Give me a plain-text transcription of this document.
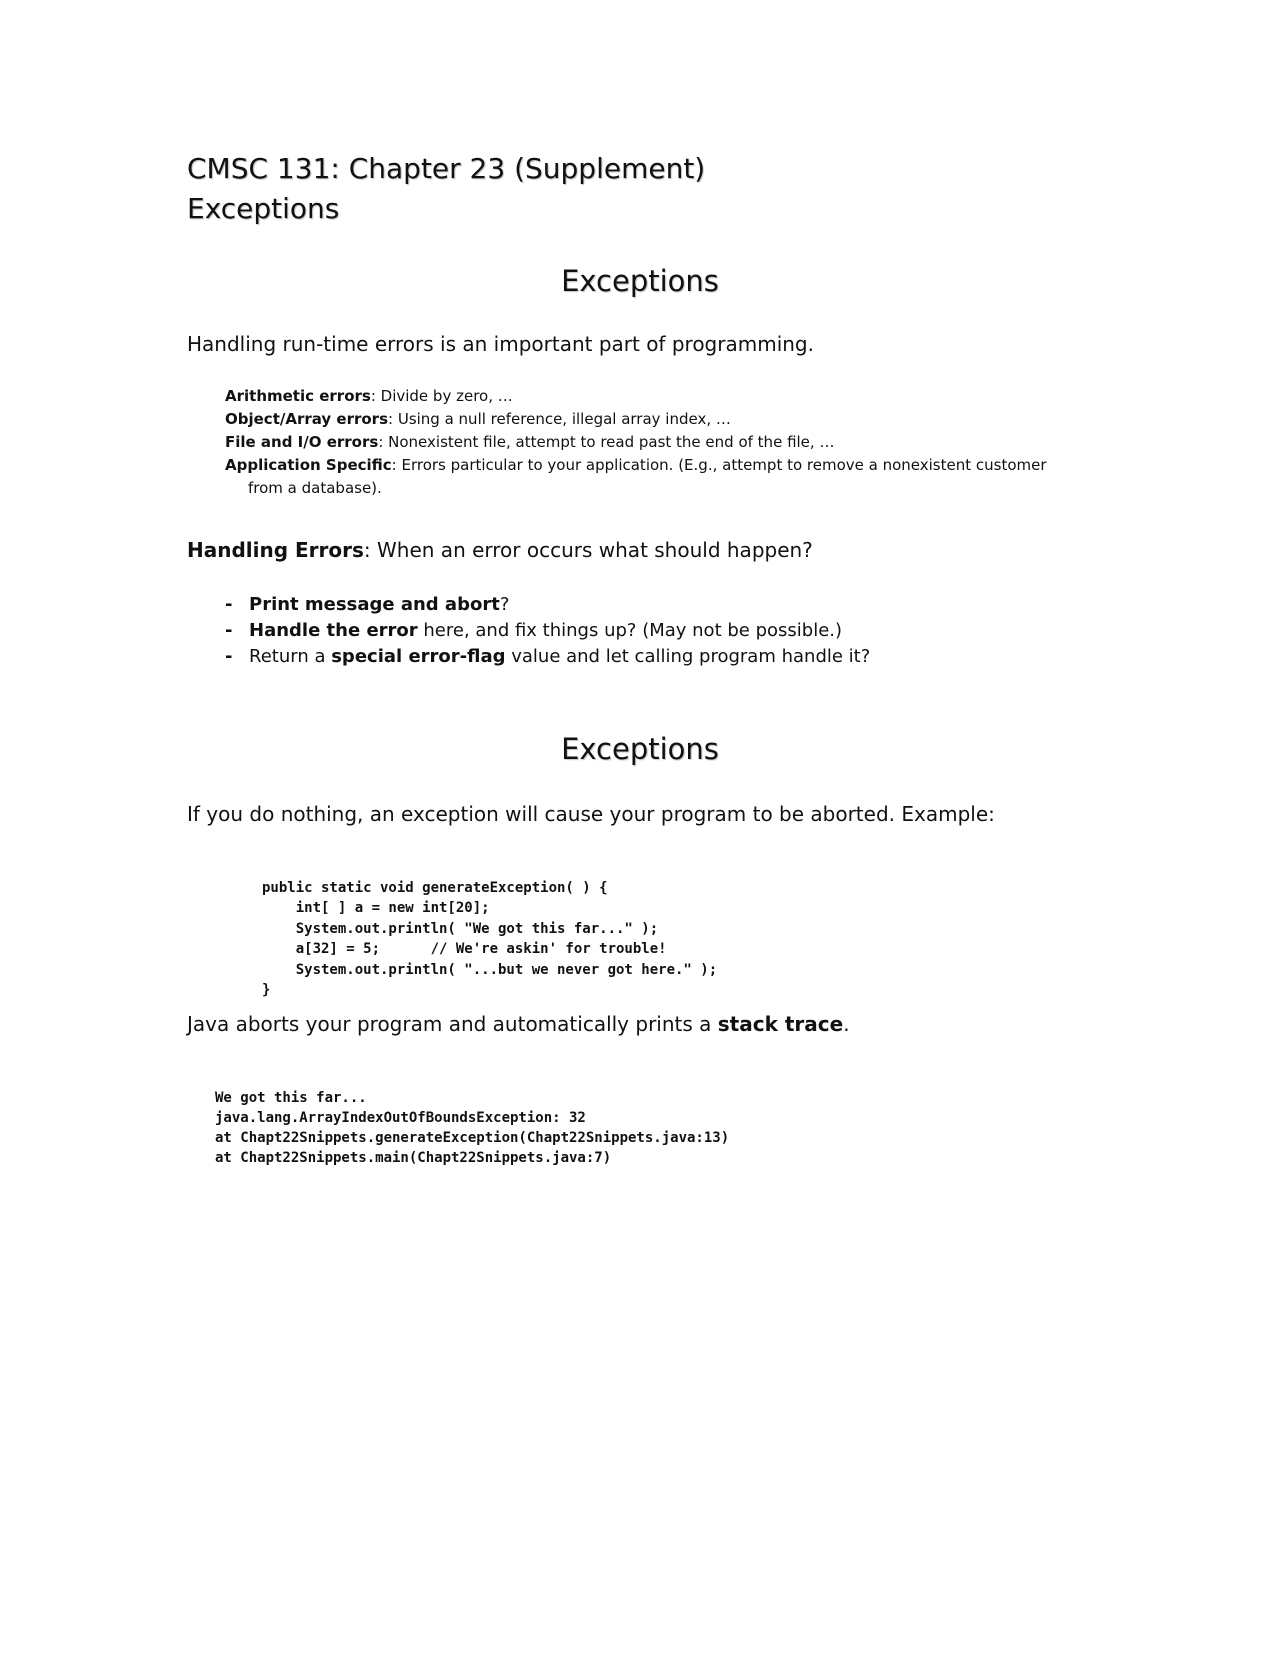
CMSC 131: Chapter 23 (Supplement)
Exceptions
Exceptions
Handling run-time errors is an important part of programming.
Arithmetic errors: Divide by zero, …
Object/Array errors: Using a null reference, illegal array index, …
File and I/O errors: Nonexistent file, attempt to read past the end of the file, …
Application Specific: Errors particular to your application. (E.g., attempt to remove a nonexistent customer
from a database).
Handling Errors: When an error occurs what should happen?
- Print message and abort?
- Handle the error here, and fix things up? (May not be possible.)
- Return a special error-flag value and let calling program handle it?
Exceptions
If you do nothing, an exception will cause your program to be aborted. Example:

public static void generateException( ) {
int[ ] a = new int[20];
System.out.println( "We got this far..." );
a[32] = 5;      // We're askin' for trouble!
System.out.println( "...but we never got here." );
}
Java aborts your program and automatically prints a stack trace.

We got this far...
java.lang.ArrayIndexOutOfBoundsException: 32
at Chapt22Snippets.generateException(Chapt22Snippets.java:13)
at Chapt22Snippets.main(Chapt22Snippets.java:7)
